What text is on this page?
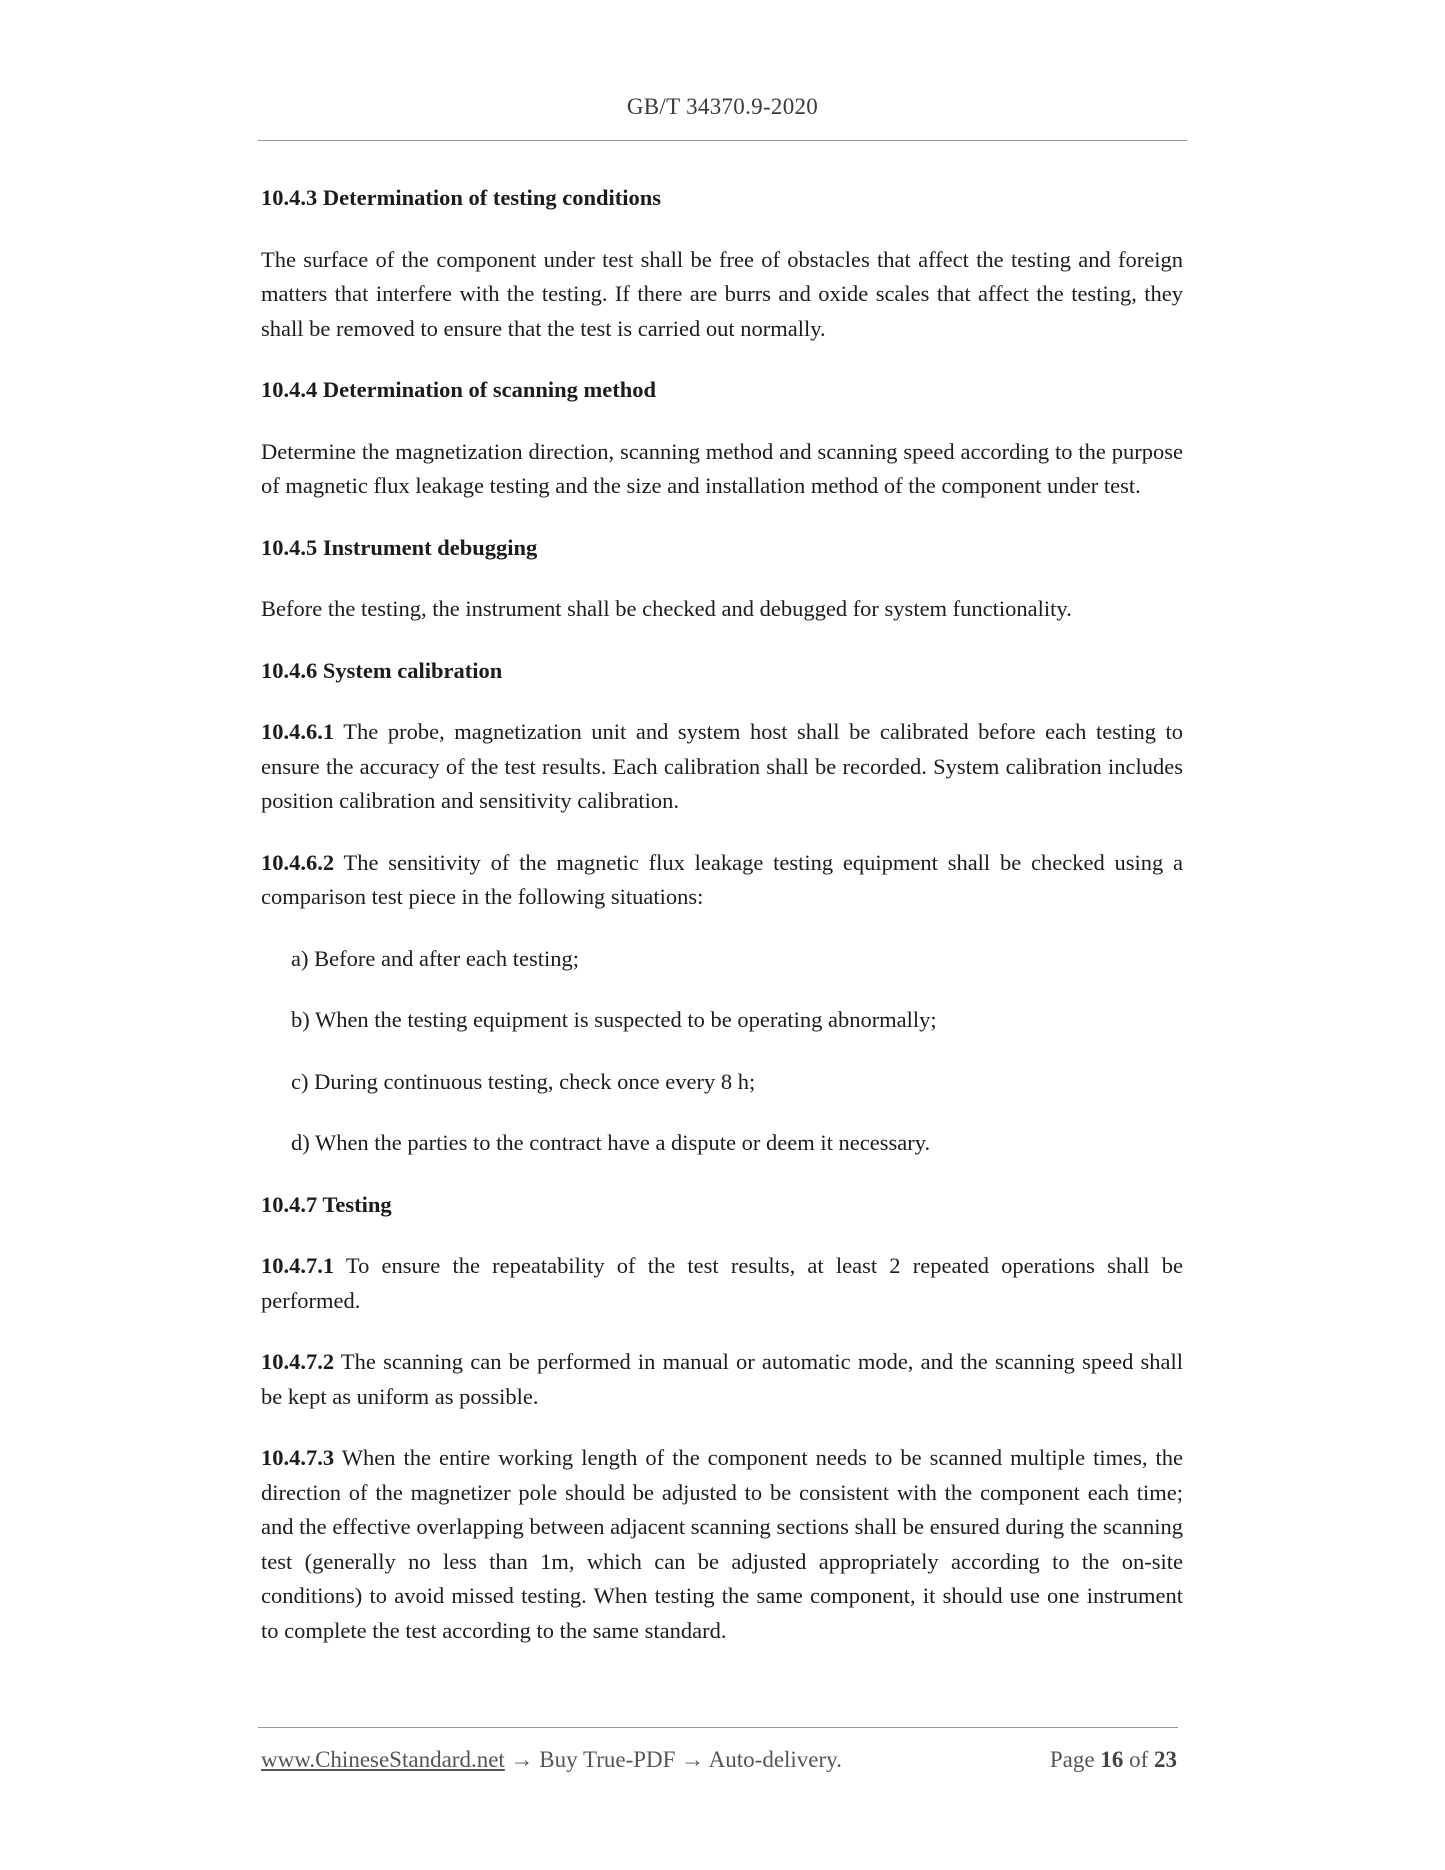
GB/T 34370.9-2020
10.4.3 Determination of testing conditions

The surface of the component under test shall be free of obstacles that affect the testing and foreign matters that interfere with the testing. If there are burrs and oxide scales that affect the testing, they shall be removed to ensure that the test is carried out normally.

10.4.4 Determination of scanning method

Determine the magnetization direction, scanning method and scanning speed according to the purpose of magnetic flux leakage testing and the size and installation method of the component under test.

10.4.5 Instrument debugging

Before the testing, the instrument shall be checked and debugged for system functionality.

10.4.6 System calibration

10.4.6.1 The probe, magnetization unit and system host shall be calibrated before each testing to ensure the accuracy of the test results. Each calibration shall be recorded. System calibration includes position calibration and sensitivity calibration.

10.4.6.2 The sensitivity of the magnetic flux leakage testing equipment shall be checked using a comparison test piece in the following situations:

a) Before and after each testing;
b) When the testing equipment is suspected to be operating abnormally;
c) During continuous testing, check once every 8 h;
d) When the parties to the contract have a dispute or deem it necessary.
10.4.7 Testing

10.4.7.1 To ensure the repeatability of the test results, at least 2 repeated operations shall be performed.

10.4.7.2 The scanning can be performed in manual or automatic mode, and the scanning speed shall be kept as uniform as possible.

10.4.7.3 When the entire working length of the component needs to be scanned multiple times, the direction of the magnetizer pole should be adjusted to be consistent with the component each time; and the effective overlapping between adjacent scanning sections shall be ensured during the scanning test (generally no less than 1m, which can be adjusted appropriately according to the on-site conditions) to avoid missed testing. When testing the same component, it should use one instrument to complete the test according to the same standard.

www.ChineseStandard.net → Buy True-PDF → Auto-delivery.	Page 16 of 23
